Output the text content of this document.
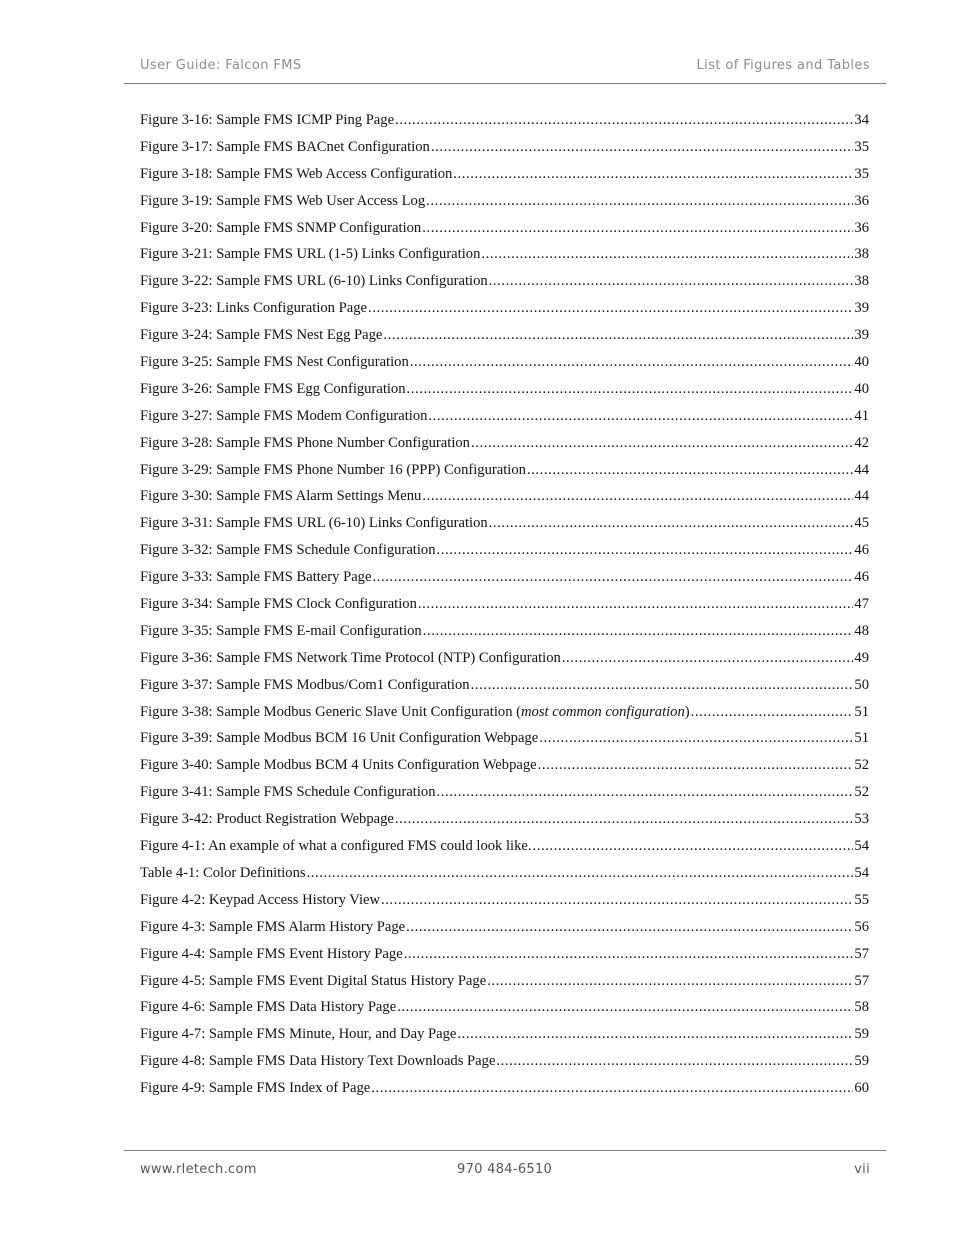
User Guide: Falcon FMS	List of Figures and Tables
Figure 3-16: Sample FMS ICMP Ping Page .....	34
Figure 3-17: Sample FMS BACnet Configuration .....	35
Figure 3-18: Sample FMS Web Access Configuration .....	35
Figure 3-19: Sample FMS Web User Access Log .....	36
Figure 3-20: Sample FMS SNMP Configuration .....	36
Figure 3-21: Sample FMS URL (1-5) Links Configuration .....	38
Figure 3-22: Sample FMS URL (6-10) Links Configuration .....	38
Figure 3-23: Links Configuration Page .....	39
Figure 3-24: Sample FMS Nest Egg Page .....	39
Figure 3-25: Sample FMS Nest Configuration .....	40
Figure 3-26: Sample FMS Egg Configuration .....	40
Figure 3-27: Sample FMS Modem Configuration .....	41
Figure 3-28: Sample FMS Phone Number Configuration .....	42
Figure 3-29: Sample FMS Phone Number 16 (PPP) Configuration .....	44
Figure 3-30: Sample FMS Alarm Settings Menu .....	44
Figure 3-31: Sample FMS URL (6-10) Links Configuration .....	45
Figure 3-32: Sample FMS Schedule Configuration .....	46
Figure 3-33: Sample FMS Battery Page .....	46
Figure 3-34: Sample FMS Clock Configuration .....	47
Figure 3-35: Sample FMS E-mail Configuration .....	48
Figure 3-36: Sample FMS Network Time Protocol (NTP) Configuration .....	49
Figure 3-37: Sample FMS Modbus/Com1 Configuration .....	50
Figure 3-38: Sample Modbus Generic Slave Unit Configuration (most common configuration) .....	51
Figure 3-39: Sample Modbus BCM 16 Unit Configuration Webpage .....	51
Figure 3-40: Sample Modbus BCM 4 Units Configuration Webpage .....	52
Figure 3-41: Sample FMS Schedule Configuration .....	52
Figure 3-42: Product Registration Webpage .....	53
Figure 4-1: An example of what a configured FMS could look like. .....	54
Table 4-1: Color Definitions .....	54
Figure 4-2: Keypad Access History View .....	55
Figure 4-3: Sample FMS Alarm History Page .....	56
Figure 4-4: Sample FMS Event History Page .....	57
Figure 4-5: Sample FMS Event Digital Status History Page .....	57
Figure 4-6: Sample FMS Data History Page .....	58
Figure 4-7: Sample FMS Minute, Hour, and Day Page .....	59
Figure 4-8: Sample FMS Data History Text Downloads Page .....	59
Figure 4-9: Sample FMS Index of Page .....	60
www.rletech.com	970 484-6510	vii
